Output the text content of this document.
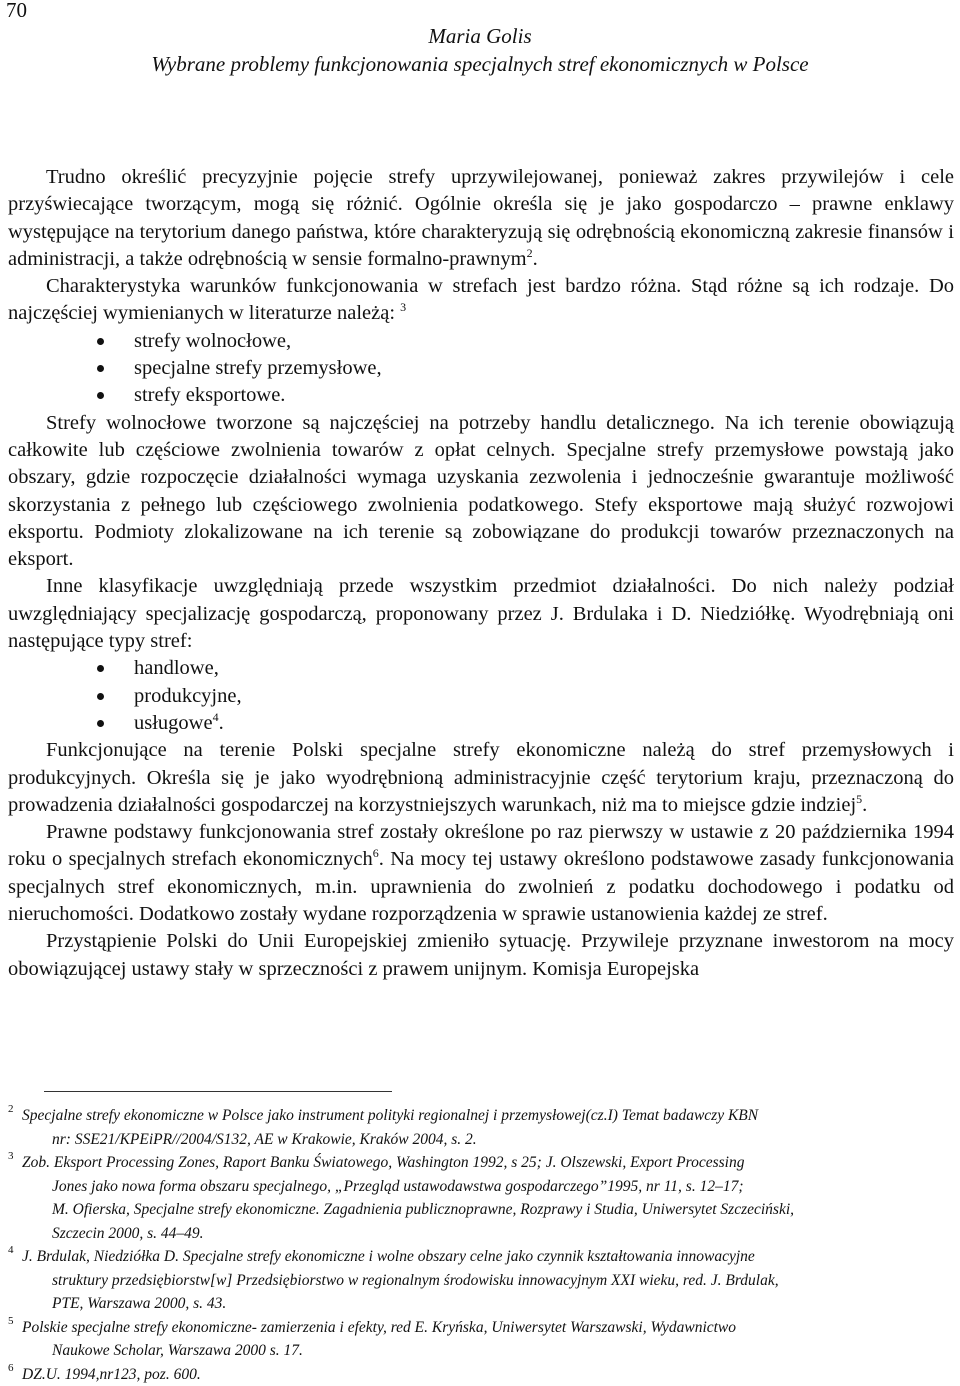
70
Maria Golis
Wybrane problemy funkcjonowania specjalnych stref ekonomicznych w Polsce

Trudno określić precyzyjnie pojęcie strefy uprzywilejowanej, ponieważ zakres przywilejów i cele przyświecające tworzącym, mogą się różnić. Ogólnie określa się je jako gospodarczo – prawne enklawy występujące na terytorium danego państwa, które charakteryzują się odrębnością ekonomiczną zakresie finansów i administracji, a także odrębnością w sensie formalno-prawnym$^2$.

Charakterystyka warunków funkcjonowania w strefach jest bardzo różna. Stąd różne są ich rodzaje. Do najczęściej wymienianych w literaturze należą: $^3$

strefy wolnocłowe,
specjalne strefy przemysłowe,
strefy eksportowe.

Strefy wolnocłowe tworzone są najczęściej na potrzeby handlu detalicznego. Na ich terenie obowiązują całkowite lub częściowe zwolnienia towarów z opłat celnych. Specjalne strefy przemysłowe powstają jako obszary, gdzie rozpoczęcie działalności wymaga uzyskania zezwolenia i jednocześnie gwarantuje możliwość skorzystania z pełnego lub częściowego zwolnienia podatkowego. Stefy eksportowe mają służyć rozwojowi eksportu. Podmioty zlokalizowane na ich terenie są zobowiązane do produkcji towarów przeznaczonych na eksport.

Inne klasyfikacje uwzględniają przede wszystkim przedmiot działalności. Do nich należy podział uwzględniający specjalizację gospodarczą, proponowany przez J. Brdulaka i D. Niedziółkę. Wyodrębniają oni następujące typy stref:

handlowe,
produkcyjne,
usługowe$^4$.

Funkcjonujące na terenie Polski specjalne strefy ekonomiczne należą do stref przemysłowych i produkcyjnych. Określa się je jako wyodrębnioną administracyjnie część terytorium kraju, przeznaczoną do prowadzenia działalności gospodarczej na korzystniejszych warunkach, niż ma to miejsce gdzie indziej$^5$.

Prawne podstawy funkcjonowania stref zostały określone po raz pierwszy w ustawie z 20 października 1994 roku o specjalnych strefach ekonomicznych$^6$. Na mocy tej ustawy określono podstawowe zasady funkcjonowania specjalnych stref ekonomicznych, m.in. uprawnienia do zwolnień z podatku dochodowego i podatku od nieruchomości. Dodatkowo zostały wydane rozporządzenia w sprawie ustanowienia każdej ze stref.

Przystąpienie Polski do Unii Europejskiej zmieniło sytuację. Przywileje przyznane inwestorom na mocy obowiązującej ustawy stały w sprzeczności z prawem unijnym. Komisja Europejska

2 Specjalne strefy ekonomiczne w Polsce jako instrument polityki regionalnej i przemysłowej(cz.I) Temat badawczy KBN
nr: SSE21/KPEiPR//2004/S132, AE w Krakowie, Kraków 2004, s. 2.
3 Zob. Eksport Processing Zones, Raport Banku Światowego, Washington 1992, s 25; J. Olszewski, Export Processing
Jones jako nowa forma obszaru specjalnego, „Przegląd ustawodawstwa gospodarczego”1995, nr 11, s. 12–17;
M. Ofierska, Specjalne strefy ekonomiczne. Zagadnienia publicznoprawne, Rozprawy i Studia, Uniwersytet Szczeciński,
Szczecin 2000, s. 44–49.
4 J. Brdulak, Niedziółka D. Specjalne strefy ekonomiczne i wolne obszary celne jako czynnik kształtowania innowacyjne
struktury przedsiębiorstw[w] Przedsiębiorstwo w regionalnym środowisku innowacyjnym XXI wieku, red. J. Brdulak,
PTE, Warszawa 2000, s. 43.
5 Polskie specjalne strefy ekonomiczne- zamierzenia i efekty, red E. Kryńska, Uniwersytet Warszawski, Wydawnictwo
Naukowe Scholar, Warszawa 2000 s. 17.
6 DZ.U. 1994,nr123, poz. 600.
